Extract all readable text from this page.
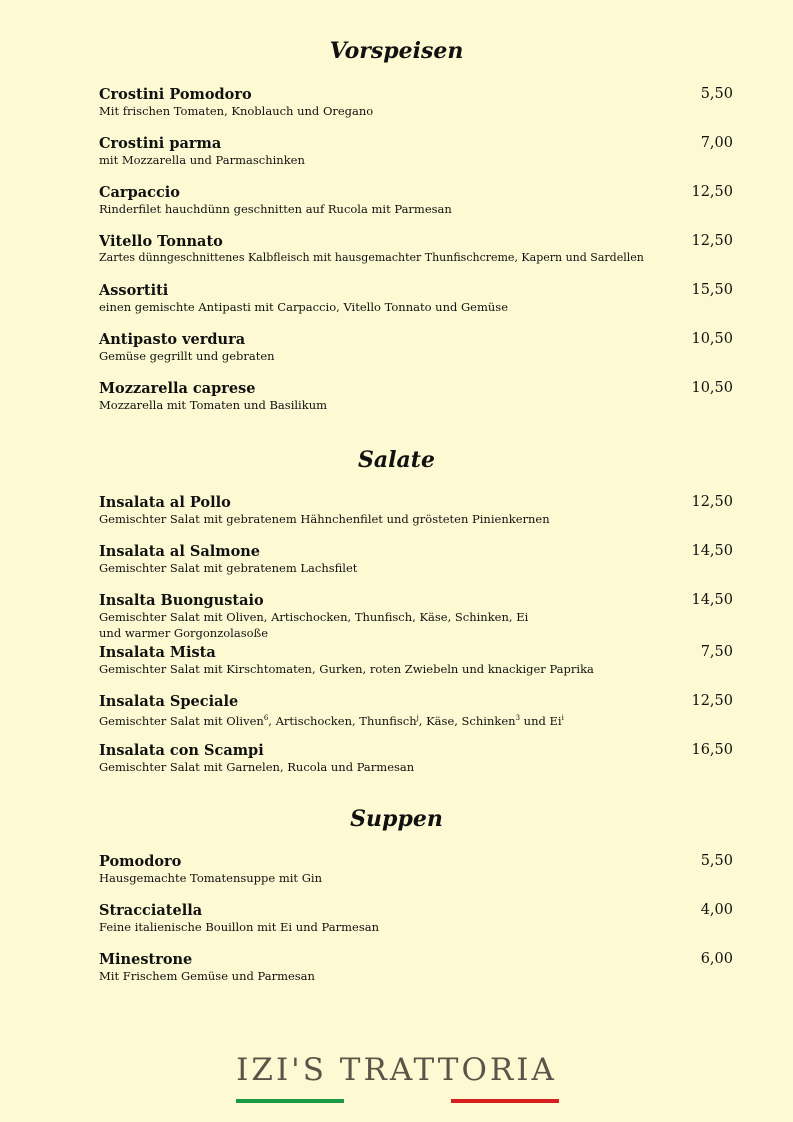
Vorspeisen
Crostini Pomodoro
Mit frischen Tomaten, Knoblauch und Oregano
5,50
Crostini parma
mit Mozzarella und Parmaschinken
7,00
Carpaccio
Rinderfilet hauchdünn geschnitten auf Rucola mit Parmesan
12,50
Vitello Tonnato
Zartes dünngeschnittenes Kalbfleisch mit hausgemachter Thunfischcreme, Kapern und Sardellen
12,50
Assortiti
einen gemischte Antipasti mit Carpaccio, Vitello Tonnato und Gemüse
15,50
Antipasto verdura
Gemüse gegrillt und gebraten
10,50
Mozzarella caprese
Mozzarella mit Tomaten und Basilikum
10,50
Salate
Insalata al Pollo
Gemischter Salat mit gebratenem Hähnchenfilet und grösteten Pinienkernen
12,50
Insalata al Salmone
Gemischter Salat mit gebratenem Lachsfilet
14,50
Insalta Buongustaio
Gemischter Salat mit Oliven, Artischocken, Thunfisch, Käse, Schinken, Ei und warmer Gorgonzolasoße
14,50
Insalata Mista
Gemischter Salat mit Kirschtomaten, Gurken, roten Zwiebeln und knackiger Paprika
7,50
Insalata Speciale
Gemischter Salat mit Oliven$^6$, Artischocken, Thunfisch$^j$, Käse, Schinken$^3$ und Ei$^i$
12,50
Insalata con Scampi
Gemischter Salat mit Garnelen, Rucola und Parmesan
16,50
Suppen
Pomodoro
Hausgemachte Tomatensuppe mit Gin
5,50
Stracciatella
Feine italienische Bouillon mit Ei und Parmesan
4,00
Minestrone
Mit Frischem Gemüse und Parmesan
6,00
IZI'S TRATTORIA
